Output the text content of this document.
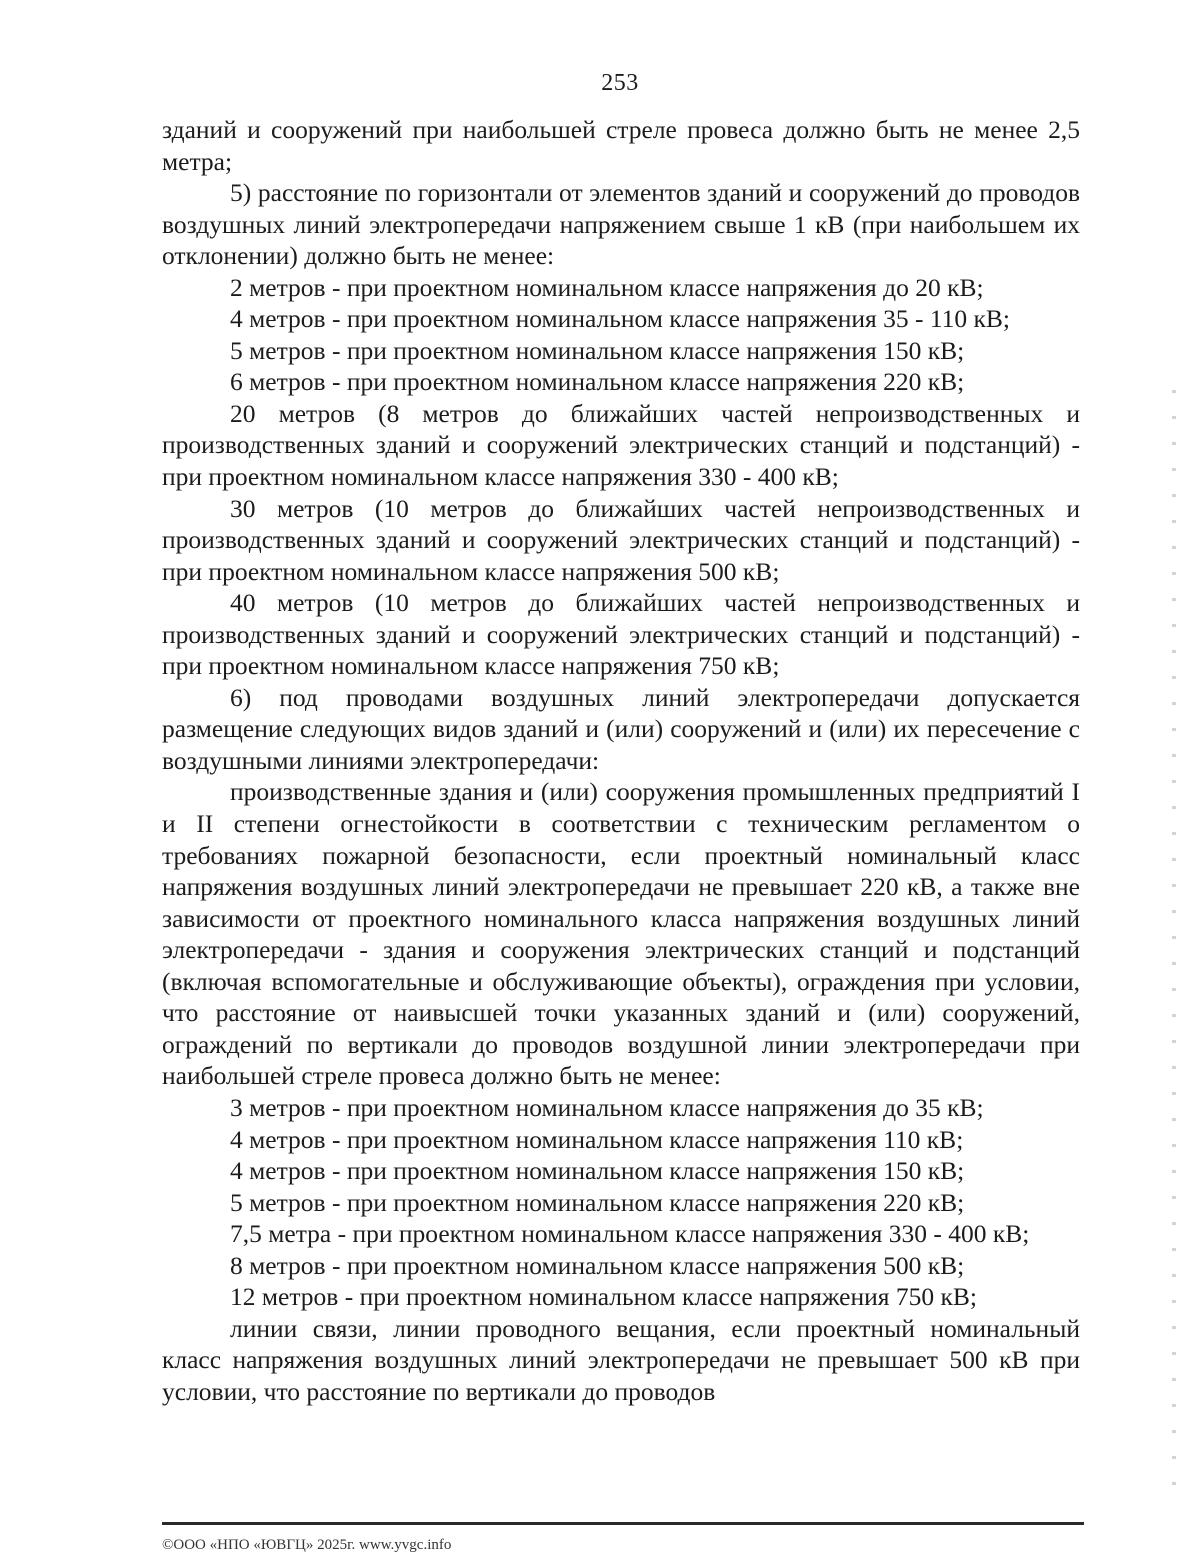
253

зданий и сооружений при наибольшей стреле провеса должно быть не менее 2,5 метра;

5) расстояние по горизонтали от элементов зданий и сооружений до проводов воздушных линий электропередачи напряжением свыше 1 кВ (при наибольшем их отклонении) должно быть не менее:

2 метров - при проектном номинальном классе напряжения до 20 кВ;

4 метров - при проектном номинальном классе напряжения 35 - 110 кВ;

5 метров - при проектном номинальном классе напряжения 150 кВ;

6 метров - при проектном номинальном классе напряжения 220 кВ;

20 метров (8 метров до ближайших частей непроизводственных и производственных зданий и сооружений электрических станций и подстанций) - при проектном номинальном классе напряжения 330 - 400 кВ;

30 метров (10 метров до ближайших частей непроизводственных и производственных зданий и сооружений электрических станций и подстанций) - при проектном номинальном классе напряжения 500 кВ;

40 метров (10 метров до ближайших частей непроизводственных и производственных зданий и сооружений электрических станций и подстанций) - при проектном номинальном классе напряжения 750 кВ;

6) под проводами воздушных линий электропередачи допускается размещение следующих видов зданий и (или) сооружений и (или) их пересечение с воздушными линиями электропередачи:

производственные здания и (или) сооружения промышленных предприятий I и II степени огнестойкости в соответствии с техническим регламентом о требованиях пожарной безопасности, если проектный номинальный класс напряжения воздушных линий электропередачи не превышает 220 кВ, а также вне зависимости от проектного номинального класса напряжения воздушных линий электропередачи - здания и сооружения электрических станций и подстанций (включая вспомогательные и обслуживающие объекты), ограждения при условии, что расстояние от наивысшей точки указанных зданий и (или) сооружений, ограждений по вертикали до проводов воздушной линии электропередачи при наибольшей стреле провеса должно быть не менее:

3 метров - при проектном номинальном классе напряжения до 35 кВ;

4 метров - при проектном номинальном классе напряжения 110 кВ;

4 метров - при проектном номинальном классе напряжения 150 кВ;

5 метров - при проектном номинальном классе напряжения 220 кВ;

7,5 метра - при проектном номинальном классе напряжения 330 - 400 кВ;

8 метров - при проектном номинальном классе напряжения 500 кВ;

12 метров - при проектном номинальном классе напряжения 750 кВ;

линии связи, линии проводного вещания, если проектный номинальный класс напряжения воздушных линий электропередачи не превышает 500 кВ при условии, что расстояние по вертикали до проводов

©ООО «НПО «ЮВГЦ» 2025г. www.yvgc.info
